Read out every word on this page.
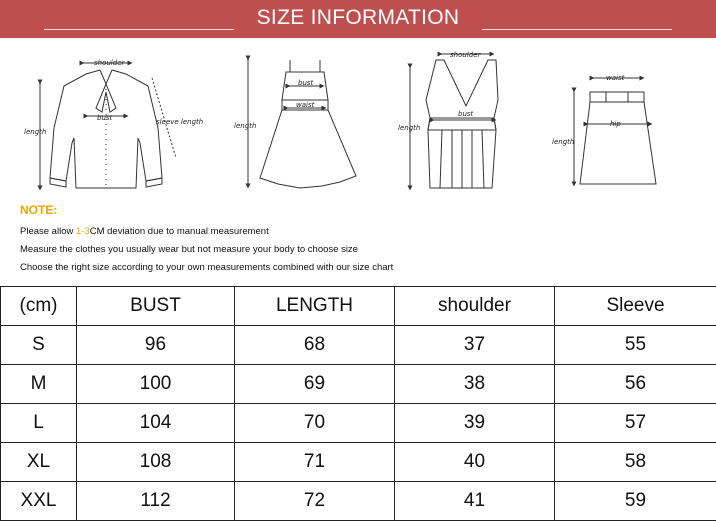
SIZE INFORMATION
shoulder
length
bust	sleeve length
bust
waist
length
shoulder
bust
length
waist
hip
length
NOTE:
Please allow 1-3CM deviation due to manual measurement
Measure the clothes you usually wear but not measure your body to choose size
Choose the right size according to your own measurements combined with our size chart
(cm)	BUST	LENGTH	shoulder	Sleeve
S	96	68	37	55
M	100	69	38	56
L	104	70	39	57
XL	108	71	40	58
XXL	112	72	41	59
